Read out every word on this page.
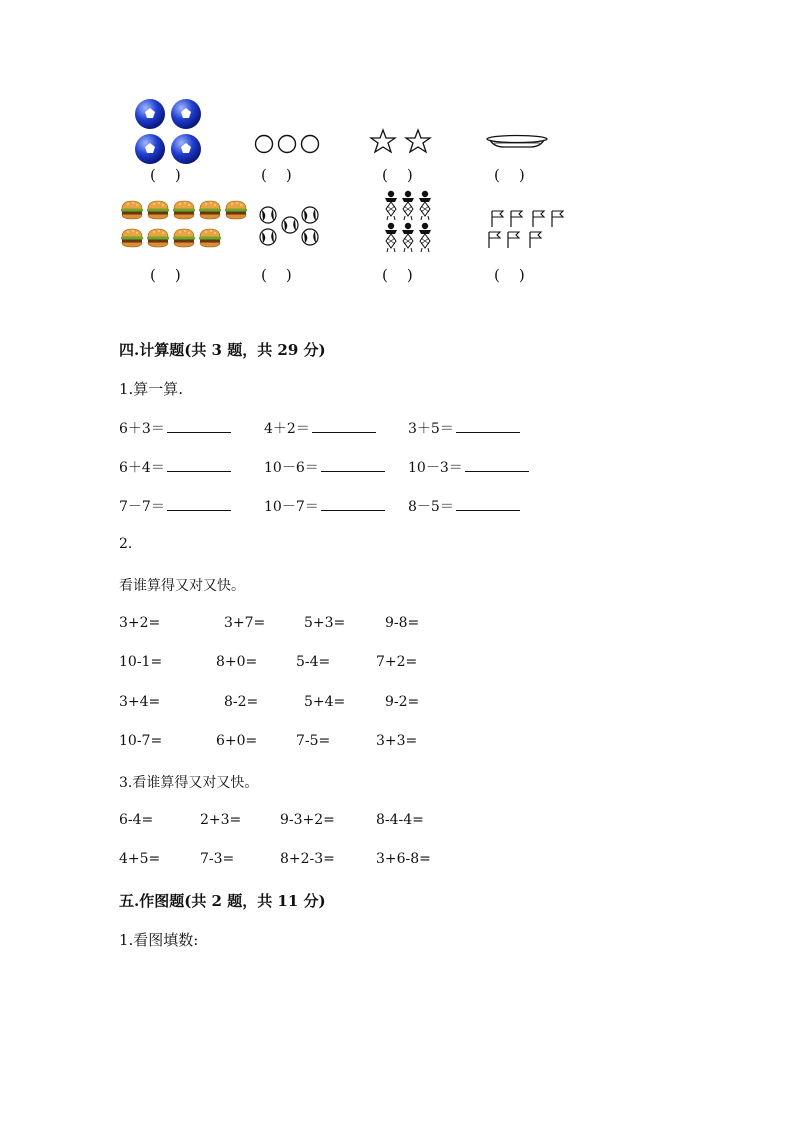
(    )	(    )	(    )	(    )
(    )	(    )	(    )	(    )
四.计算题(共 3 题，共 29 分)
1.算一算.
6＋3＝	4＋2＝	3＋5＝
6＋4＝	10－6＝	10－3＝
7－7＝	10－7＝	8－5＝
2.
看谁算得又对又快。
3+2=	3+7=	5+3=	9-8=
10-1=	8+0=	5-4=	7+2=
3+4=	8-2=	5+4=	9-2=
10-7=	6+0=	7-5=	3+3=
3.看谁算得又对又快。
6-4=	2+3=	9-3+2=	8-4-4=
4+5=	7-3=	8+2-3=	3+6-8=
五.作图题(共 2 题，共 11 分)
1.看图填数:
